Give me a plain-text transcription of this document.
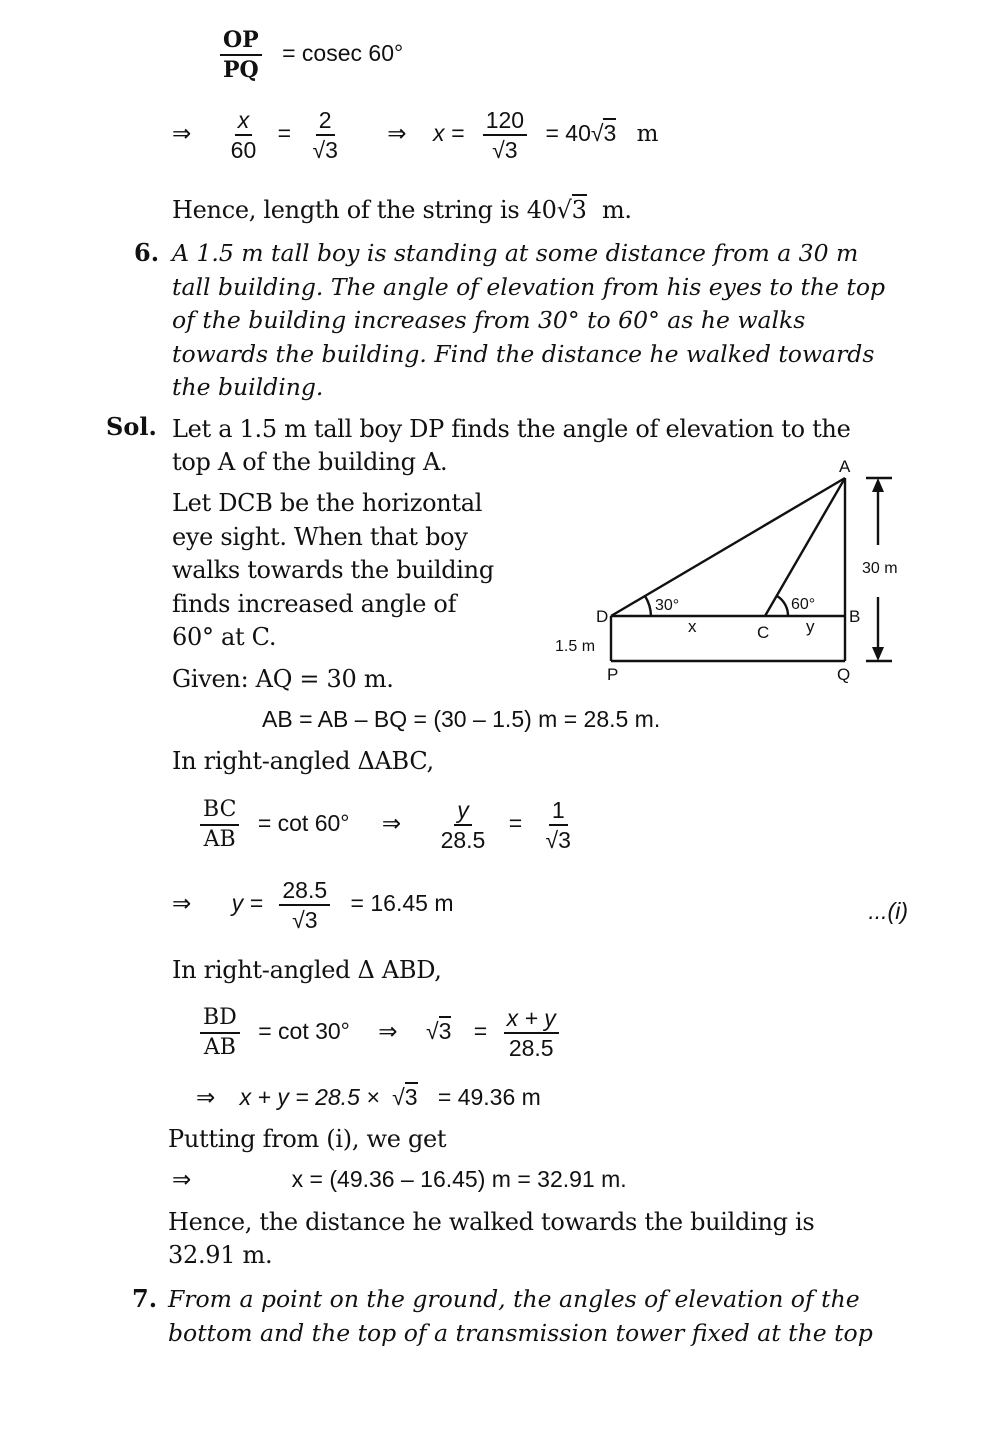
$\frac{OP}{PQ} = cosec$ 60°
⇒ $\frac{x}{60} = \frac{2}{√3}$ ⇒ $x = \frac{120}{√3} = 40√3$ m
Hence, length of the string is 40√3 m.
6. A 1.5 m tall boy is standing at some distance from a 30 m
tall building. The angle of elevation from his eyes to the top
of the building increases from 30° to 60° as he walks
towards the building. Find the distance he walked towards
the building.
Sol. Let a 1.5 m tall boy DP finds the angle of elevation to the
top A of the building A.
Let DCB be the horizontal
eye sight. When that boy
walks towards the building
finds increased angle of
60° at C.
A
B
C
D
P	Q
x	y
30°	60°
1.5 m
30 m
Given: AQ = 30 m.
AB = AB – BQ = (30 – 1.5) m = 28.5 m.
In right-angled ΔABC,
$\frac{BC}{AB} = \cot 60^\circ$ ⇒ $\frac{y}{28.5} = \frac{1}{√3}$
⇒ $y = \frac{28.5}{√3} = 16.45$ m	...(i)
In right-angled Δ ABD,
$\frac{BD}{AB} = \cot 30^\circ$ ⇒ $√3 = \frac{x + y}{28.5}$
⇒ x + y = 28.5 × √3 = 49.36 m
Putting from (i), we get
⇒	x = (49.36 – 16.45) m = 32.91 m.
Hence, the distance he walked towards the building is
32.91 m.
7. From a point on the ground, the angles of elevation of the
bottom and the top of a transmission tower fixed at the top
